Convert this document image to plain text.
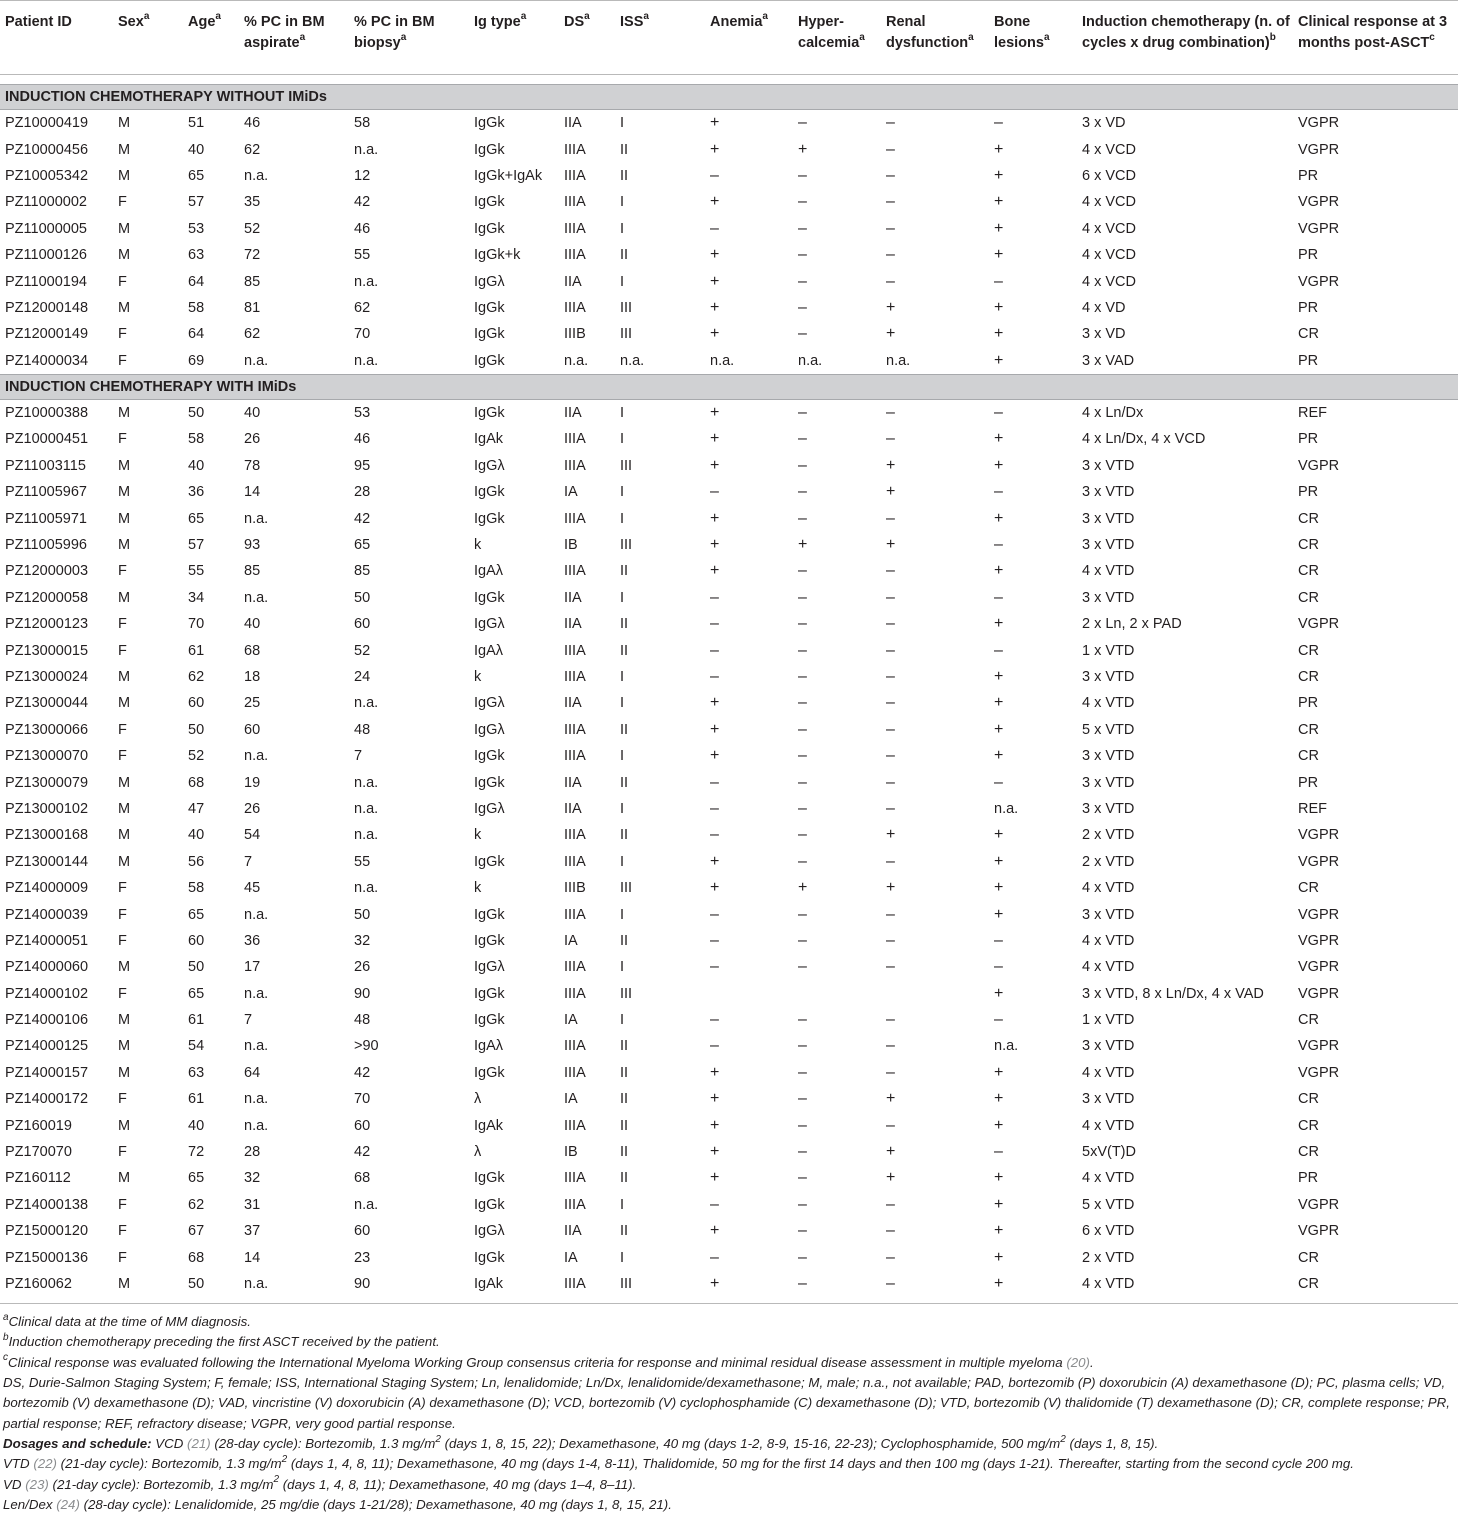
Patient ID	Sex$^a$	Age$^a$	% PC in BM aspirate$^a$	% PC in BM biopsy$^a$	Ig type$^a$	$DS^a$	ISS$^a$	Anemia$^a$	Hyper-calcemia$^a$	Renal dysfunction$^a$	Bone lesions$^a$	Induction chemotherapy (n. of cycles x drug combination)$^b$	Clinical response at 3 months post-ASCT$^c$

INDUCTION CHEMOTHERAPY WITHOUT IMiDs													
PZ10000419	M	51	46	58	IgGk	IIA	I	+	–	–	–	3 x VD	VGPR
PZ10000456	M	40	62	n.a.	IgGk	IIIA	II	+	+	–	+	4 x VCD	VGPR
PZ10005342	M	65	n.a.	12	IgGk+IgAk	IIIA	II	–	–	–	+	6 x VCD	PR
PZ11000002	F	57	35	42	IgGk	IIIA	I	+	–	–	+	4 x VCD	VGPR
PZ11000005	M	53	52	46	IgGk	IIIA	I	–	–	–	+	4 x VCD	VGPR
PZ11000126	M	63	72	55	IgGk+k	IIIA	II	+	–	–	+	4 x VCD	PR
PZ11000194	F	64	85	n.a.	IgGλ	IIA	I	+	–	–	–	4 x VCD	VGPR
PZ12000148	M	58	81	62	IgGk	IIIA	III	+	–	+	+	4 x VD	PR
PZ12000149	F	64	62	70	IgGk	IIIB	III	+	–	+	+	3 x VD	CR
PZ14000034	F	69	n.a.	n.a.	IgGk	n.a.	n.a.	n.a.	n.a.	n.a.	+	3 x VAD	PR
INDUCTION CHEMOTHERAPY WITH IMiDs													
PZ10000388	M	50	40	53	IgGk	IIA	I	+	–	–	–	4 x Ln/Dx	REF
PZ10000451	F	58	26	46	IgAk	IIIA	I	+	–	–	+	4 x Ln/Dx, 4 x VCD	PR
PZ11003115	M	40	78	95	IgGλ	IIIA	III	+	–	+	+	3 x VTD	VGPR
PZ11005967	M	36	14	28	IgGk	IA	I	–	–	+	–	3 x VTD	PR
PZ11005971	M	65	n.a.	42	IgGk	IIIA	I	+	–	–	+	3 x VTD	CR
PZ11005996	M	57	93	65	k	IB	III	+	+	+	–	3 x VTD	CR
PZ12000003	F	55	85	85	IgAλ	IIIA	II	+	–	–	+	4 x VTD	CR
PZ12000058	M	34	n.a.	50	IgGk	IIA	I	–	–	–	–	3 x VTD	CR
PZ12000123	F	70	40	60	IgGλ	IIA	II	–	–	–	+	2 x Ln, 2 x PAD	VGPR
PZ13000015	F	61	68	52	IgAλ	IIIA	II	–	–	–	–	1 x VTD	CR
PZ13000024	M	62	18	24	k	IIIA	I	–	–	–	+	3 x VTD	CR
PZ13000044	M	60	25	n.a.	IgGλ	IIA	I	+	–	–	+	4 x VTD	PR
PZ13000066	F	50	60	48	IgGλ	IIIA	II	+	–	–	+	5 x VTD	CR
PZ13000070	F	52	n.a.	7	IgGk	IIIA	I	+	–	–	+	3 x VTD	CR
PZ13000079	M	68	19	n.a.	IgGk	IIA	II	–	–	–	–	3 x VTD	PR
PZ13000102	M	47	26	n.a.	IgGλ	IIA	I	–	–	–	n.a.	3 x VTD	REF
PZ13000168	M	40	54	n.a.	k	IIIA	II	–	–	+	+	2 x VTD	VGPR
PZ13000144	M	56	7	55	IgGk	IIIA	I	+	–	–	+	2 x VTD	VGPR
PZ14000009	F	58	45	n.a.	k	IIIB	III	+	+	+	+	4 x VTD	CR
PZ14000039	F	65	n.a.	50	IgGk	IIIA	I	–	–	–	+	3 x VTD	VGPR
PZ14000051	F	60	36	32	IgGk	IA	II	–	–	–	–	4 x VTD	VGPR
PZ14000060	M	50	17	26	IgGλ	IIIA	I	–	–	–	–	4 x VTD	VGPR
PZ14000102	F	65	n.a.	90	IgGk	IIIA	III				+	3 x VTD, 8 x Ln/Dx, 4 x VAD	VGPR
PZ14000106	M	61	7	48	IgGk	IA	I	–	–	–	–	1 x VTD	CR
PZ14000125	M	54	n.a.	>90	IgAλ	IIIA	II	–	–	–	n.a.	3 x VTD	VGPR
PZ14000157	M	63	64	42	IgGk	IIIA	II	+	–	–	+	4 x VTD	VGPR
PZ14000172	F	61	n.a.	70	λ	IA	II	+	–	+	+	3 x VTD	CR
PZ160019	M	40	n.a.	60	IgAk	IIIA	II	+	–	–	+	4 x VTD	CR
PZ170070	F	72	28	42	λ	IB	II	+	–	+	–	5xV(T)D	CR
PZ160112	M	65	32	68	IgGk	IIIA	II	+	–	+	+	4 x VTD	PR
PZ14000138	F	62	31	n.a.	IgGk	IIIA	I	–	–	–	+	5 x VTD	VGPR
PZ15000120	F	67	37	60	IgGλ	IIA	II	+	–	–	+	6 x VTD	VGPR
PZ15000136	F	68	14	23	IgGk	IA	I	–	–	–	+	2 x VTD	CR
PZ160062	M	50	n.a.	90	IgAk	IIIA	III	+	–	–	+	4 x VTD	CR

$^a$Clinical data at the time of MM diagnosis.

$^b$Induction chemotherapy preceding the first ASCT received by the patient.

$^c$Clinical response was evaluated following the International Myeloma Working Group consensus criteria for response and minimal residual disease assessment in multiple myeloma (20).

DS, Durie-Salmon Staging System; F, female; ISS, International Staging System; Ln, lenalidomide; Ln/Dx, lenalidomide/dexamethasone; M, male; n.a., not available; PAD, bortezomib (P) doxorubicin (A) dexamethasone (D); PC, plasma cells; VD, bortezomib (V) dexamethasone (D); VAD, vincristine (V) doxorubicin (A) dexamethasone (D); VCD, bortezomib (V) cyclophosphamide (C) dexamethasone (D); VTD, bortezomib (V) thalidomide (T) dexamethasone (D); CR, complete response; PR, partial response; REF, refractory disease; VGPR, very good partial response.

Dosages and schedule: VCD (21) (28-day cycle): Bortezomib, 1.3 $mg/m^2$ (days 1, 8, 15, 22); Dexamethasone, 40 mg (days 1-2, 8-9, 15-16, 22-23); Cyclophosphamide, 500 $mg/m^2$ (days 1, 8, 15).

VTD (22) (21-day cycle): Bortezomib, 1.3 $mg/m^2$ (days 1, 4, 8, 11); Dexamethasone, 40 mg (days 1-4, 8-11), Thalidomide, 50 mg for the first 14 days and then 100 mg (days 1-21). Thereafter, starting from the second cycle 200 mg.

VD (23) (21-day cycle): Bortezomib, 1.3 $mg/m^2$ (days 1, 4, 8, 11); Dexamethasone, 40 mg (days 1–4, 8–11).

Len/Dex (24) (28-day cycle): Lenalidomide, 25 mg/die (days 1-21/28); Dexamethasone, 40 mg (days 1, 8, 15, 21).
